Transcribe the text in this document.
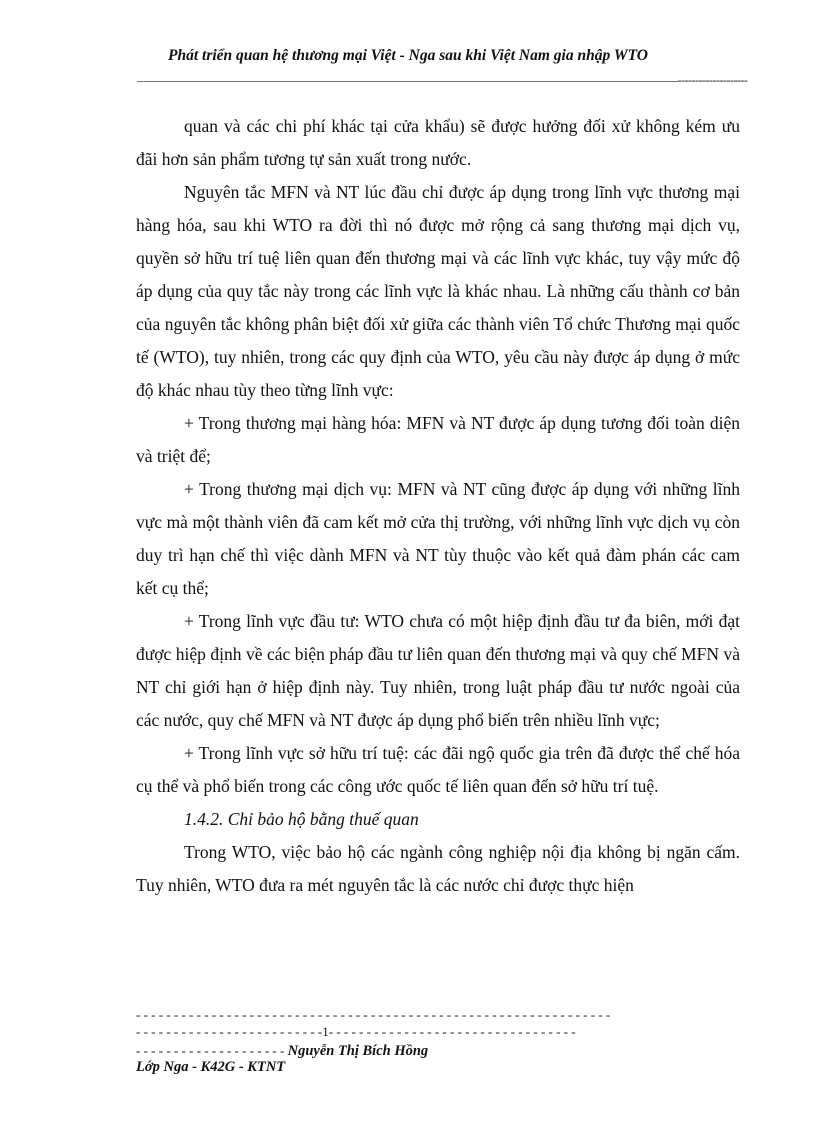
Phát triển quan hệ thương mại Việt - Nga sau khi Việt Nam gia nhập WTO
———————————————————————————————————————————————--------------------

quan và các chi phí khác tại cửa khẩu) sẽ được hưởng đối xử không kém ưu đãi hơn sản phẩm tương tự sản xuất trong nước.

Nguyên tắc MFN và NT lúc đầu chỉ được áp dụng trong lĩnh vực thương mại hàng hóa, sau khi WTO ra đời thì nó được mở rộng cả sang thương mại dịch vụ, quyền sở hữu trí tuệ liên quan đến thương mại và các lĩnh vực khác, tuy vậy mức độ áp dụng của quy tắc này trong các lĩnh vực là khác nhau. Là những cấu thành cơ bản của nguyên tắc không phân biệt đối xử giữa các thành viên Tổ chức Thương mại quốc tế (WTO), tuy nhiên, trong các quy định của WTO, yêu cầu này được áp dụng ở mức độ khác nhau tùy theo từng lĩnh vực:

+ Trong thương mại hàng hóa: MFN và NT được áp dụng tương đối toàn diện và triệt để;

+ Trong thương mại dịch vụ: MFN và NT cũng được áp dụng với những lĩnh vực mà một thành viên đã cam kết mở cửa thị trường, với những lĩnh vực dịch vụ còn duy trì hạn chế thì việc dành MFN và NT tùy thuộc vào kết quả đàm phán các cam kết cụ thể;

+ Trong lĩnh vực đầu tư: WTO chưa có một hiệp định đầu tư đa biên, mới đạt được hiệp định về các biện pháp đầu tư liên quan đến thương mại và quy chế MFN và NT chỉ giới hạn ở hiệp định này. Tuy nhiên, trong luật pháp đầu tư nước ngoài của các nước, quy chế MFN và NT được áp dụng phổ biến trên nhiều lĩnh vực;

+ Trong lĩnh vực sở hữu trí tuệ: các đãi ngộ quốc gia trên đã được thể chế hóa cụ thể và phổ biến trong các công ước quốc tế liên quan đến sở hữu trí tuệ.

1.4.2. Chỉ bảo hộ bằng thuế quan

Trong WTO, việc bảo hộ các ngành công nghiệp nội địa không bị ngăn cấm. Tuy nhiên, WTO đưa ra mét nguyên tắc là các nước chỉ được thực hiện

- - - - - - - - - - - - - - - - - - - - - - - - - - - - - - - - - - - - - - - - - - - - - - - - - - - - - - - - - - - - - - -
- - - - - - - - - - - - - - - - - - - - - - - - -1- - - - - - - - - - - - - - - - - - - - - - - - - - - - - - - - -
- - - - - - - - - - - - - - - - - - - - Nguyễn Thị Bích Hồng
Lớp Nga - K42G - KTNT
